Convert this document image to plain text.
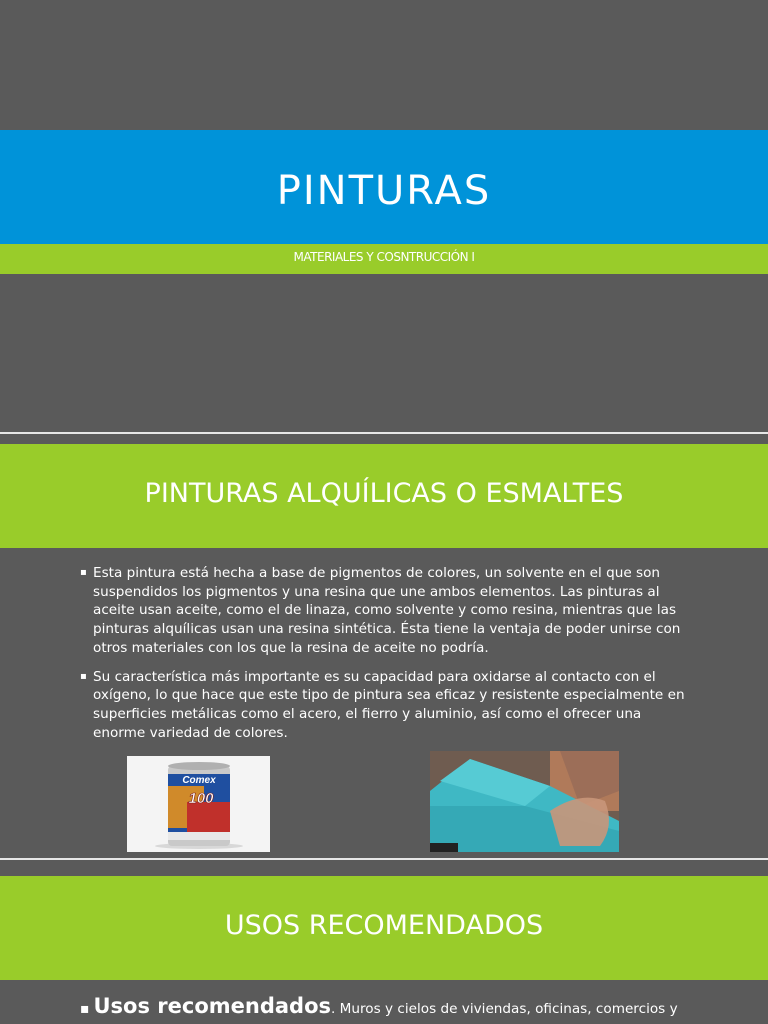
PINTURAS
MATERIALES Y COSNTRUCCIÓN I
PINTURAS ALQUÍLICAS O ESMALTES
▪ Esta pintura está hecha a base de pigmentos de colores, un solvente en el que son suspendidos los pigmentos y una resina que une ambos elementos. Las pinturas al aceite usan aceite, como el de linaza, como solvente y como resina, mientras que las pinturas alquílicas usan una resina sintética. Ésta tiene la ventaja de poder unirse con otros materiales con los que la resina de aceite no podría.
▪ Su característica más importante es su capacidad para oxidarse al contacto con el oxígeno, lo que hace que este tipo de pintura sea eficaz y resistente especialmente en superficies metálicas como el acero, el fierro y aluminio, así como el ofrecer una enorme variedad de colores.
Comex
100
USOS RECOMENDADOS
▪ Usos recomendados. Muros y cielos de viviendas, oficinas, comercios y
